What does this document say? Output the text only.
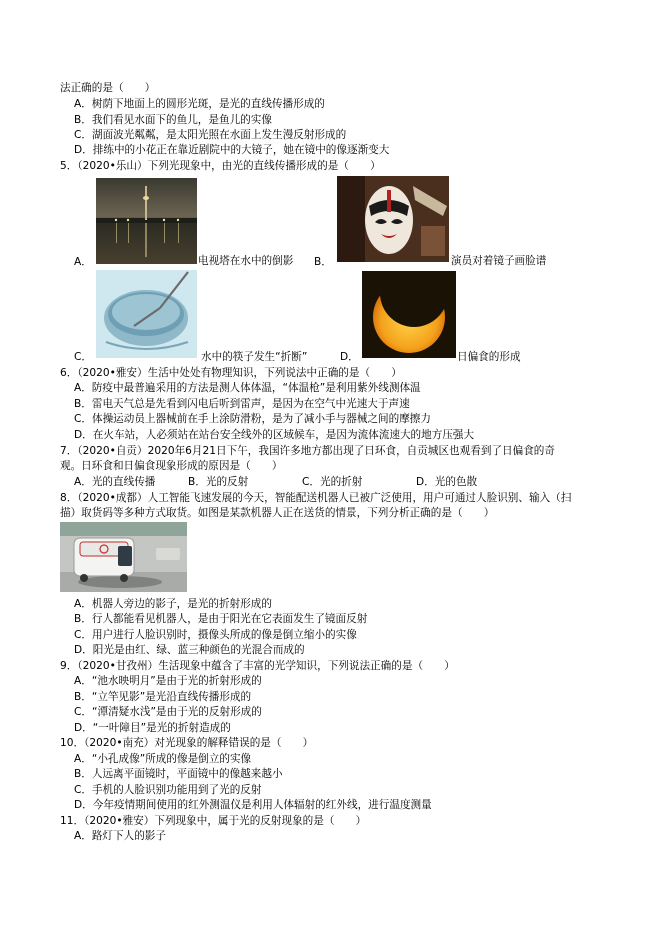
法正确的是（　　）
A．树荫下地面上的圆形光斑，是光的直线传播形成的
B．我们看见水面下的鱼儿，是鱼儿的实像
C．湖面波光粼粼，是太阳光照在水面上发生漫反射形成的
D．排练中的小花正在靠近剧院中的大镜子，她在镜中的像逐渐变大
5．（2020•乐山）下列光现象中，由光的直线传播形成的是（　　）
A．	电视塔在水中的倒影 B．	演员对着镜子画脸谱
C．	水中的筷子发生“折断”	D．	日偏食的形成
6．（2020•雅安）生活中处处有物理知识，下列说法中正确的是（　　）
A．防疫中最普遍采用的方法是测人体体温，“体温枪”是利用紫外线测体温
B．雷电天气总是先看到闪电后听到雷声，是因为在空气中光速大于声速
C．体操运动员上器械前在手上涂防滑粉，是为了减小手与器械之间的摩擦力
D．在火车站，人必须站在站台安全线外的区域候车，是因为流体流速大的地方压强大
7．（2020•自贡）2020年6月21日下午，我国许多地方都出现了日环食，自贡城区也观看到了日偏食的奇
观。日环食和日偏食现象形成的原因是（　　）
A．光的直线传播	B．光的反射	C．光的折射	D．光的色散
8．（2020•成都）人工智能飞速发展的今天，智能配送机器人已被广泛使用，用户可通过人脸识别、输入（扫
描）取货码等多种方式取货。如图是某款机器人正在送货的情景，下列分析正确的是（　　）
A．机器人旁边的影子，是光的折射形成的
B．行人都能看见机器人，是由于阳光在它表面发生了镜面反射
C．用户进行人脸识别时，摄像头所成的像是倒立缩小的实像
D．阳光是由红、绿、蓝三种颜色的光混合而成的
9．（2020•甘孜州）生活现象中蕴含了丰富的光学知识，下列说法正确的是（　　）
A．“池水映明月”是由于光的折射形成的
B．“立竿见影”是光沿直线传播形成的
C．“潭清疑水浅”是由于光的反射形成的
D．“一叶障目”是光的折射造成的
10．（2020•南充）对光现象的解释错误的是（　　）
A．“小孔成像”所成的像是倒立的实像
B．人远离平面镜时，平面镜中的像越来越小
C．手机的人脸识别功能用到了光的反射
D．今年疫情期间使用的红外测温仪是利用人体辐射的红外线，进行温度测量
11．（2020•雅安）下列现象中，属于光的反射现象的是（　　）
A．路灯下人的影子
